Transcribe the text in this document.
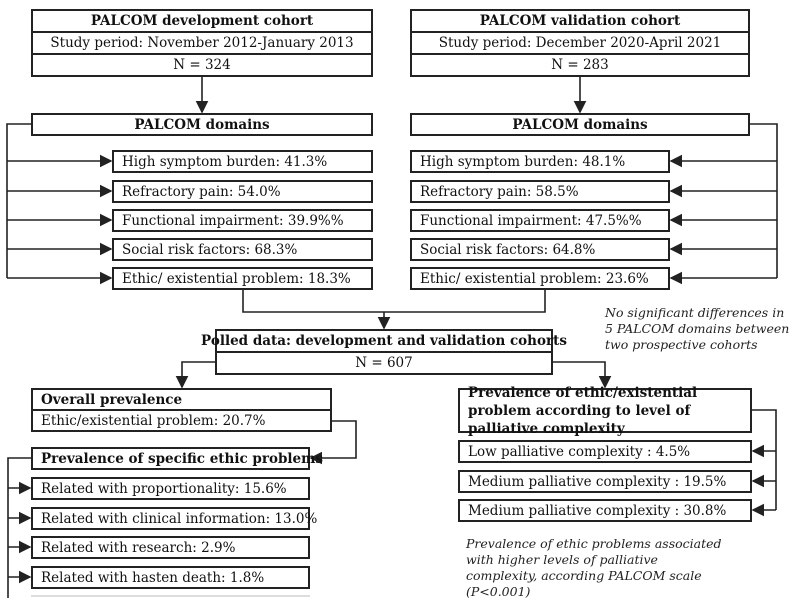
PALCOM development cohort
Study period: November 2012-January 2013
N = 324
PALCOM validation cohort
Study period: December 2020-April 2021
N = 283
PALCOM domains	PALCOM domains
High symptom burden: 41.3%
Refractory pain: 54.0%
Functional impairment: 39.9%%
Social risk factors: 68.3%
Ethic/ existential problem: 18.3%
High symptom burden: 48.1%
Refractory pain: 58.5%
Functional impairment: 47.5%%
Social risk factors: 64.8%
Ethic/ existential problem: 23.6%
No significant differences in 5 PALCOM domains between two prospective cohorts
Polled data: development and validation cohorts
N = 607
Overall prevalence
Ethic/existential problem: 20.7%
Prevalence of specific ethic problems
Related with proportionality: 15.6%
Related with clinical information: 13.0%
Related with research: 2.9%
Related with hasten death: 1.8%
Prevalence of ethic/existential problem according to level of palliative complexity
Low palliative complexity : 4.5%
Medium palliative complexity : 19.5%
Medium palliative complexity : 30.8%
Prevalence of ethic problems associated with higher levels of palliative complexity, according PALCOM scale (P<0.001)
